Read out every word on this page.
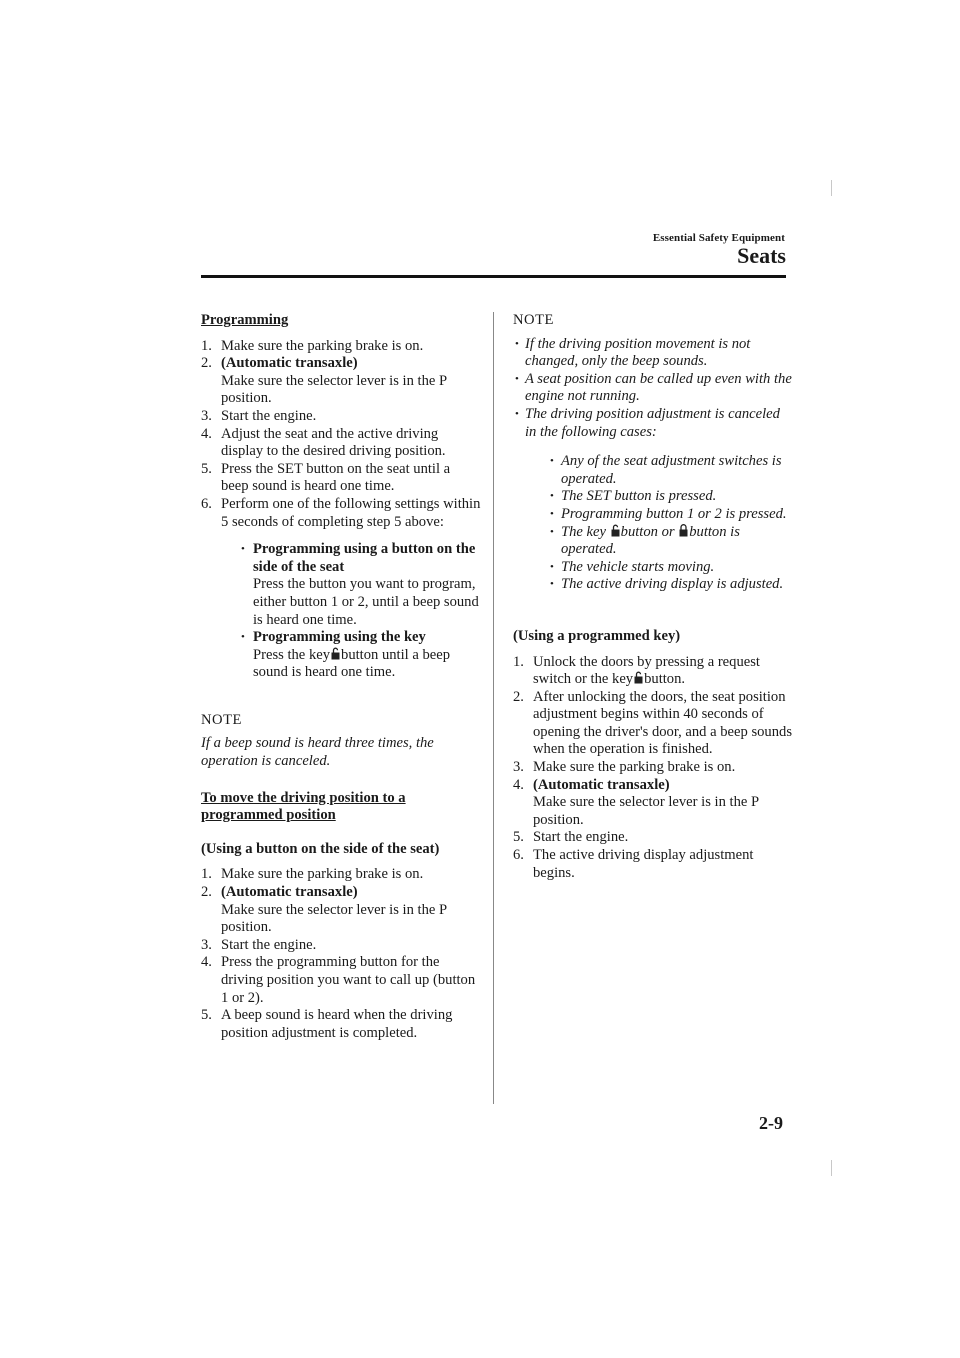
Essential Safety Equipment
Seats

Programming

1. Make sure the parking brake is on.
2. (Automatic transaxle)
Make sure the selector lever is in the P position.
3. Start the engine.
4. Adjust the seat and the active driving display to the desired driving position.
5. Press the SET button on the seat until a beep sound is heard one time.
6. Perform one of the following settings within 5 seconds of completing step 5 above:
• Programming using a button on the side of the seat
Press the button you want to program, either button 1 or 2, until a beep sound is heard one time.
• Programming using the key
Press the key button until a beep sound is heard one time.

NOTE

If a beep sound is heard three times, the operation is canceled.

To move the driving position to a programmed position

(Using a button on the side of the seat)

1. Make sure the parking brake is on.
2. (Automatic transaxle)
Make sure the selector lever is in the P position.
3. Start the engine.
4. Press the programming button for the driving position you want to call up (button 1 or 2).
5. A beep sound is heard when the driving position adjustment is completed.

NOTE

• If the driving position movement is not changed, only the beep sounds.
• A seat position can be called up even with the engine not running.
• The driving position adjustment is canceled in the following cases:
• Any of the seat adjustment switches is operated.
• The SET button is pressed.
• Programming button 1 or 2 is pressed.
• The key button or button is operated.
• The vehicle starts moving.
• The active driving display is adjusted.

(Using a programmed key)

1. Unlock the doors by pressing a request switch or the key button.
2. After unlocking the doors, the seat position adjustment begins within 40 seconds of opening the driver's door, and a beep sounds when the operation is finished.
3. Make sure the parking brake is on.
4. (Automatic transaxle)
Make sure the selector lever is in the P position.
5. Start the engine.
6. The active driving display adjustment begins.
2-9
